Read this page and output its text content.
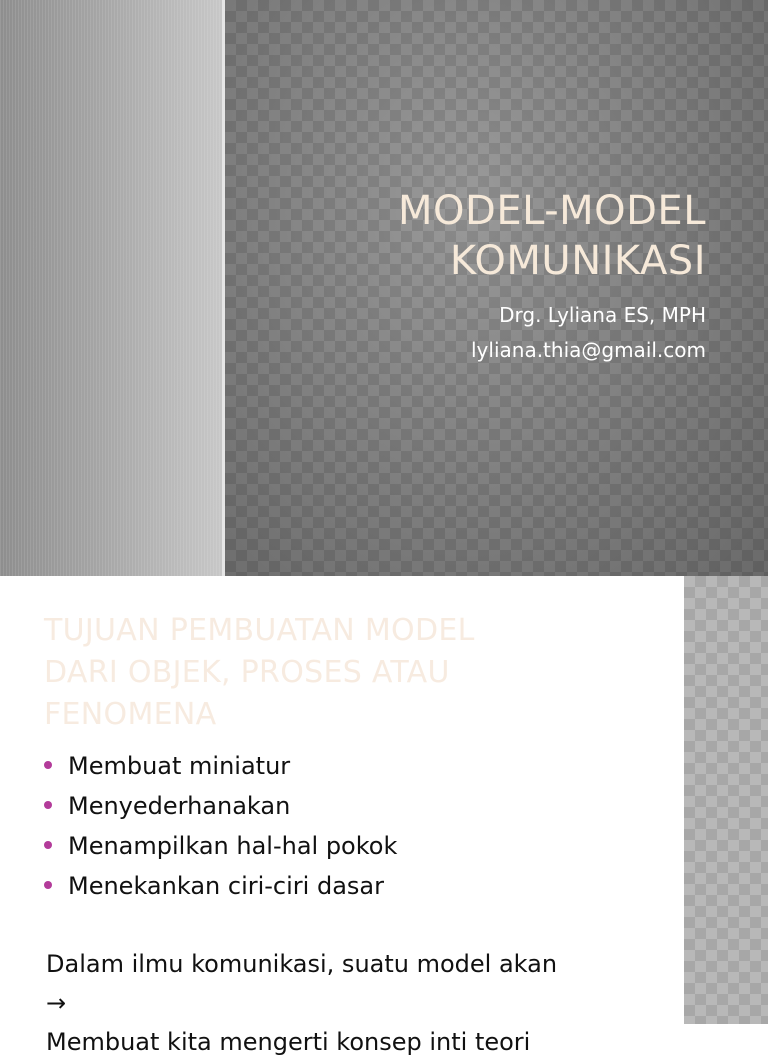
MODEL-MODEL
KOMUNIKASI
Drg. Lyliana ES, MPH
lyliana.thia@gmail.com
TUJUAN PEMBUATAN MODEL
DARI OBJEK, PROSES ATAU
FENOMENA
Membuat miniatur
Menyederhanakan
Menampilkan hal-hal pokok
Menekankan ciri-ciri dasar
Dalam ilmu komunikasi, suatu model akan
→
Membuat kita mengerti konsep inti teori
